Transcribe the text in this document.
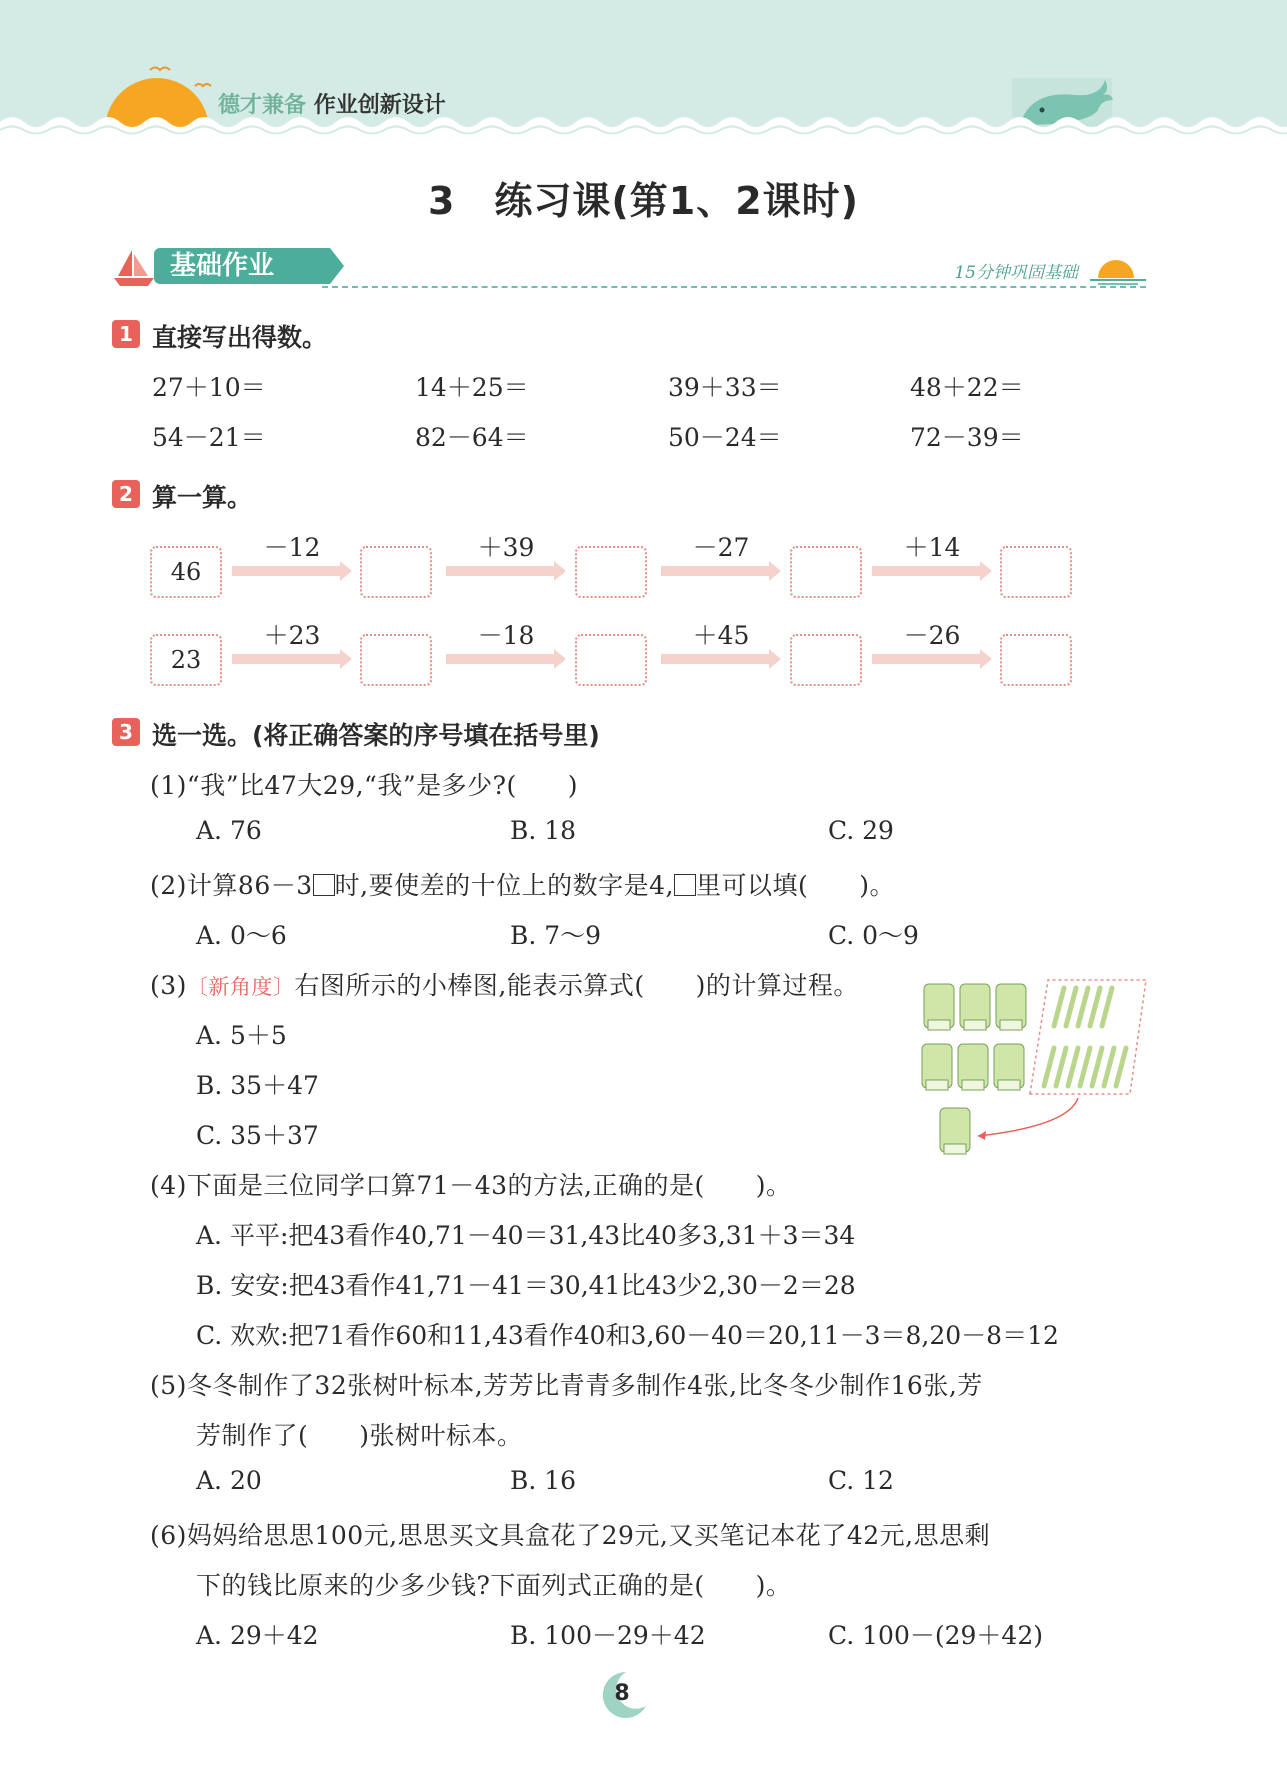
德才兼备 作业创新设计
3　练习课(第1、2课时)
基础作业	15分钟巩固基础
1 直接写出得数。
27＋10＝	14＋25＝	39＋33＝	48＋22＝
54－21＝	82－64＝	50－24＝	72－39＝
2 算一算。
46
－12	＋39	－27	＋14
23
＋23	－18	＋45	－26
3 选一选。(将正确答案的序号填在括号里)
(1)“我”比47大29,“我”是多少?(　　)
A. 76	B. 18	C. 29
(2)计算86－3 时,要使差的十位上的数字是4, 里可以填(　　)。
A. 0～6	B. 7～9	C. 0～9
(3)〔新角度〕右图所示的小棒图,能表示算式(　　)的计算过程。
A. 5＋5
B. 35＋47
C. 35＋37
(4)下面是三位同学口算71－43的方法,正确的是(　　)。
A. 平平:把43看作40,71－40＝31,43比40多3,31＋3＝34
B. 安安:把43看作41,71－41＝30,41比43少2,30－2＝28
C. 欢欢:把71看作60和11,43看作40和3,60－40＝20,11－3＝8,20－8＝12
(5)冬冬制作了32张树叶标本,芳芳比青青多制作4张,比冬冬少制作16张,芳
芳制作了(　　)张树叶标本。
A. 20	B. 16	C. 12
(6)妈妈给思思100元,思思买文具盒花了29元,又买笔记本花了42元,思思剩
下的钱比原来的少多少钱?下面列式正确的是(　　)。
A. 29＋42	B. 100－29＋42	C. 100－(29＋42)
8
